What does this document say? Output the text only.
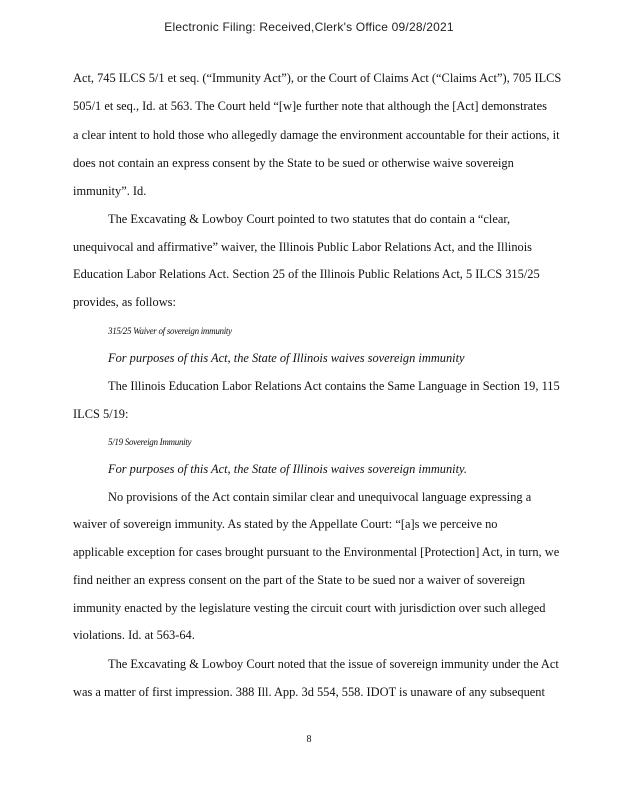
Electronic Filing: Received,Clerk's Office 09/28/2021
Act, 745 ILCS 5/1 et seq. (“Immunity Act”), or the Court of Claims Act (“Claims Act”), 705 ILCS
505/1 et seq., Id. at 563. The Court held “[w]e further note that although the [Act] demonstrates
a clear intent to hold those who allegedly damage the environment accountable for their actions, it
does not contain an express consent by the State to be sued or otherwise waive sovereign
immunity”. Id.
The Excavating & Lowboy Court pointed to two statutes that do contain a “clear,
unequivocal and affirmative” waiver, the Illinois Public Labor Relations Act, and the Illinois
Education Labor Relations Act. Section 25 of the Illinois Public Relations Act, 5 ILCS 315/25
provides, as follows:
315/25 Waiver of sovereign immunity
For purposes of this Act, the State of Illinois waives sovereign immunity
The Illinois Education Labor Relations Act contains the Same Language in Section 19, 115
ILCS 5/19:
5/19 Sovereign Immunity
For purposes of this Act, the State of Illinois waives sovereign immunity.
No provisions of the Act contain similar clear and unequivocal language expressing a
waiver of sovereign immunity. As stated by the Appellate Court: “[a]s we perceive no
applicable exception for cases brought pursuant to the Environmental [Protection] Act, in turn, we
find neither an express consent on the part of the State to be sued nor a waiver of sovereign
immunity enacted by the legislature vesting the circuit court with jurisdiction over such alleged
violations. Id. at 563-64.
The Excavating & Lowboy Court noted that the issue of sovereign immunity under the Act
was a matter of first impression. 388 Ill. App. 3d 554, 558. IDOT is unaware of any subsequent
8
